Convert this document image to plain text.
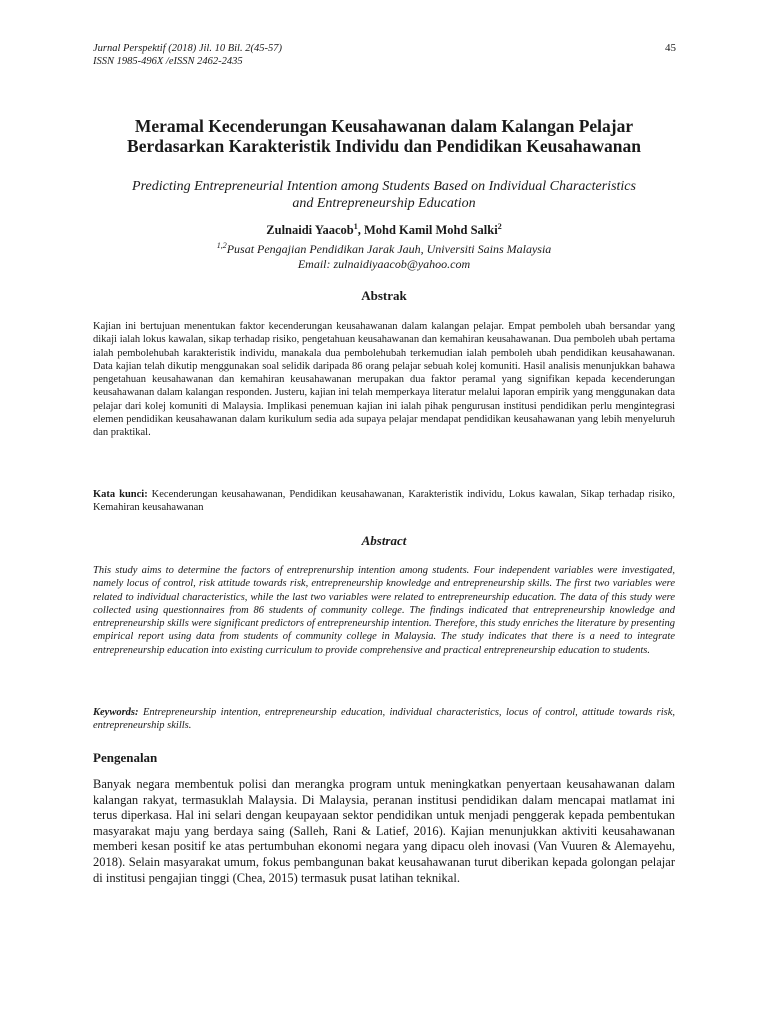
Jurnal Perspektif (2018) Jil. 10 Bil. 2(45-57)
ISSN 1985-496X /eISSN 2462-2435
45
Meramal Kecenderungan Keusahawanan dalam Kalangan Pelajar
Berdasarkan Karakteristik Individu dan Pendidikan Keusahawanan
Predicting Entrepreneurial Intention among Students Based on Individual Characteristics
and Entrepreneurship Education
Zulnaidi Yaacob$^1$, Mohd Kamil Mohd Salki$^2$
$^{1,2}$Pusat Pengajian Pendidikan Jarak Jauh, Universiti Sains Malaysia
Email: zulnaidiyaacob@yahoo.com
Abstrak

Kajian ini bertujuan menentukan faktor kecenderungan keusahawanan dalam kalangan pelajar. Empat pemboleh ubah bersandar yang dikaji ialah lokus kawalan, sikap terhadap risiko, pengetahuan keusahawanan dan kemahiran keusahawanan. Dua pemboleh ubah pertama ialah pembolehubah karakteristik individu, manakala dua pembolehubah terkemudian ialah pemboleh ubah pendidikan keusahawanan. Data kajian telah dikutip menggunakan soal selidik daripada 86 orang pelajar sebuah kolej komuniti. Hasil analisis menunjukkan bahawa pengetahuan keusahawanan dan kemahiran keusahawanan merupakan dua faktor peramal yang signifikan kepada kecenderungan keusahawanan dalam kalangan responden. Justeru, kajian ini telah memperkaya literatur melalui laporan empirik yang menggunakan data pelajar dari kolej komuniti di Malaysia. Implikasi penemuan kajian ini ialah pihak pengurusan institusi pendidikan perlu mengintegrasi elemen pendidikan keusahawanan dalam kurikulum sedia ada supaya pelajar mendapat pendidikan keusahawanan yang lebih menyeluruh dan praktikal.

Kata kunci: Kecenderungan keusahawanan, Pendidikan keusahawanan, Karakteristik individu, Lokus kawalan, Sikap terhadap risiko, Kemahiran keusahawanan

Abstract

This study aims to determine the factors of entreprenurship intention among students. Four independent variables were investigated, namely locus of control, risk attitude towards risk, entrepreneurship knowledge and entrepreneurship skills. The first two variables were related to individual characteristics, while the last two variables were related to entrepreneurship education. The data of this study were collected using questionnaires from 86 students of community college. The findings indicated that entrepreneurship knowledge and entrepreneurship skills were significant predictors of entrepreneurship intention. Therefore, this study enriches the literature by presenting empirical report using data from students of community college in Malaysia. The study indicates that there is a need to integrate entrepreneurship education into existing curriculum to provide comprehensive and practical entrepreneurship education to students.

Keywords: Entrepreneurship intention, entrepreneurship education, individual characteristics, locus of control, attitude towards risk, entrepreneurship skills.

Pengenalan

Banyak negara membentuk polisi dan merangka program untuk meningkatkan penyertaan keusahawanan dalam kalangan rakyat, termasuklah Malaysia. Di Malaysia, peranan institusi pendidikan dalam mencapai matlamat ini terus diperkasa. Hal ini selari dengan keupayaan sektor pendidikan untuk menjadi penggerak kepada pembentukan masyarakat maju yang berdaya saing (Salleh, Rani & Latief, 2016). Kajian menunjukkan aktiviti keusahawanan memberi kesan positif ke atas pertumbuhan ekonomi negara yang dipacu oleh inovasi (Van Vuuren & Alemayehu, 2018). Selain masyarakat umum, fokus pembangunan bakat keusahawanan turut diberikan kepada golongan pelajar di institusi pengajian tinggi (Chea, 2015) termasuk pusat latihan teknikal.
